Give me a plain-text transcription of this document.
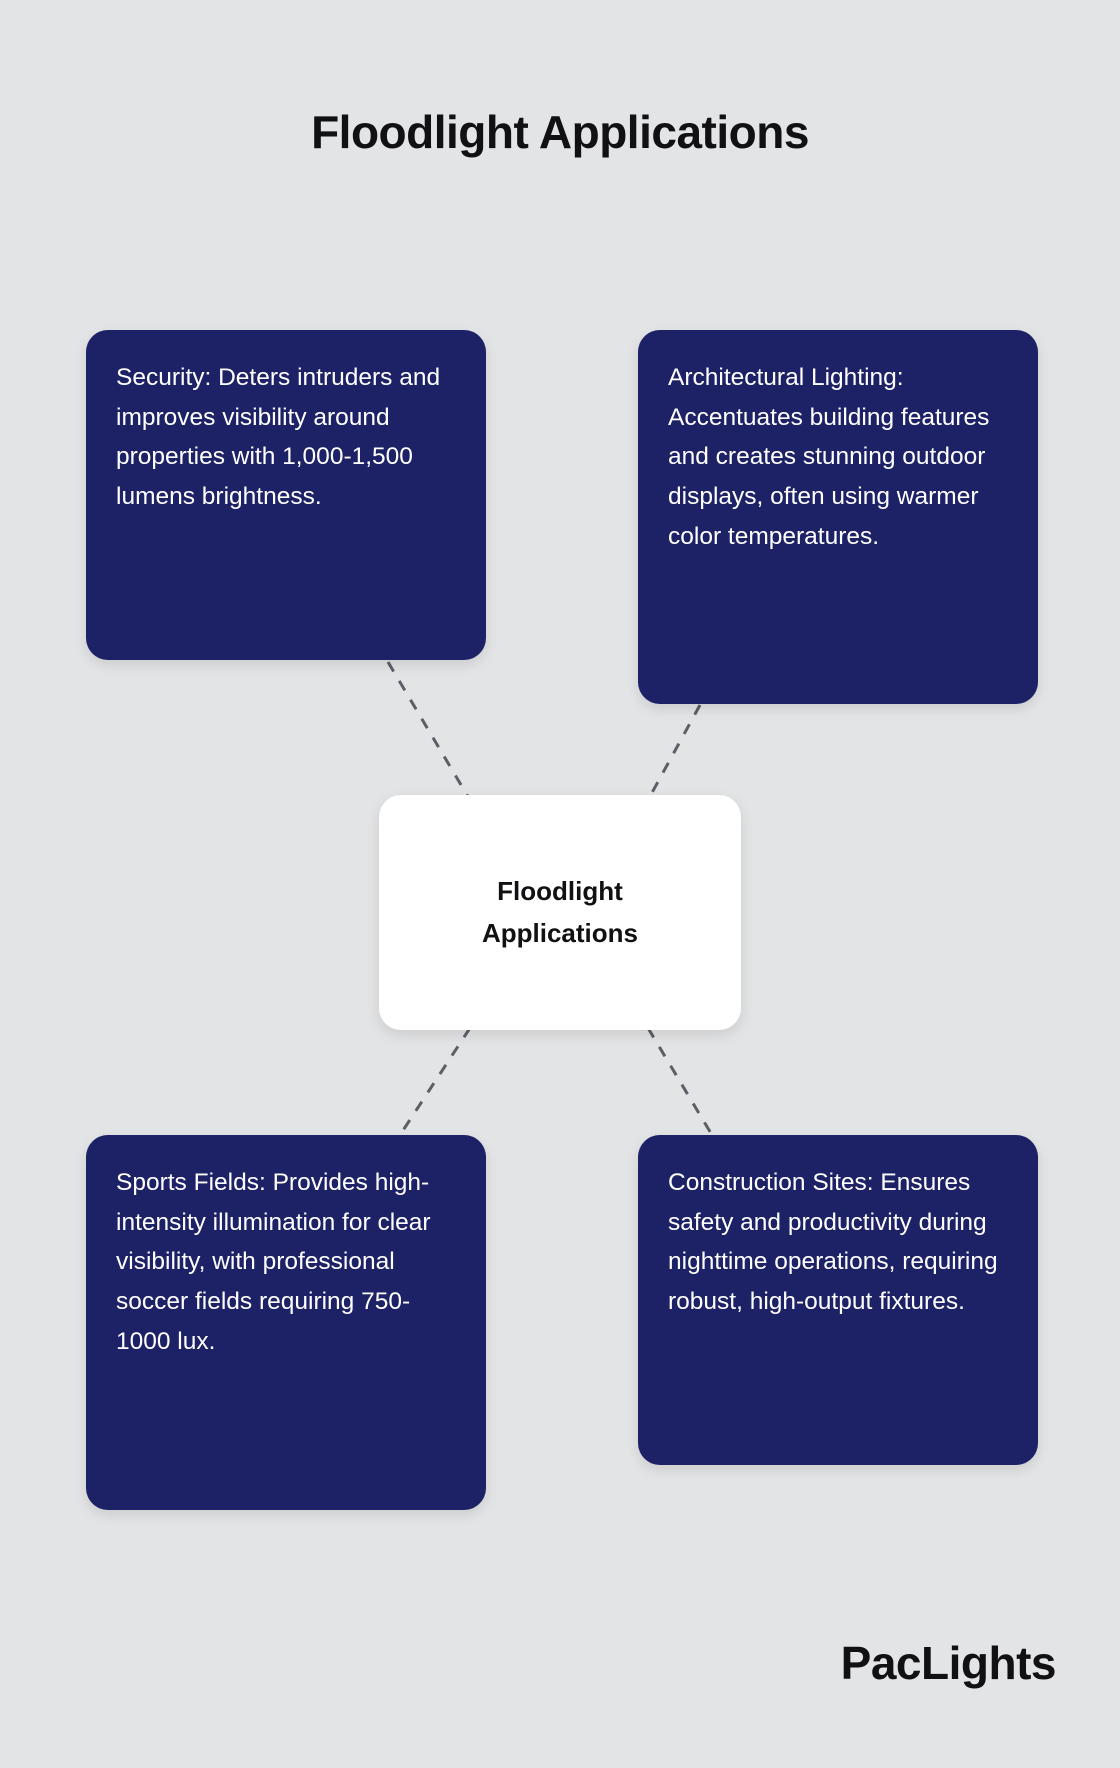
Floodlight Applications
Security: Deters intruders and improves visibility around properties with 1,000-1,500 lumens brightness.
Architectural Lighting: Accentuates building features and creates stunning outdoor displays, often using warmer color temperatures.
Sports Fields: Provides high-intensity illumination for clear visibility, with professional soccer fields requiring 750-1000 lux.
Construction Sites: Ensures safety and productivity during nighttime operations, requiring robust, high-output fixtures.
Floodlight
Applications
PacLights
